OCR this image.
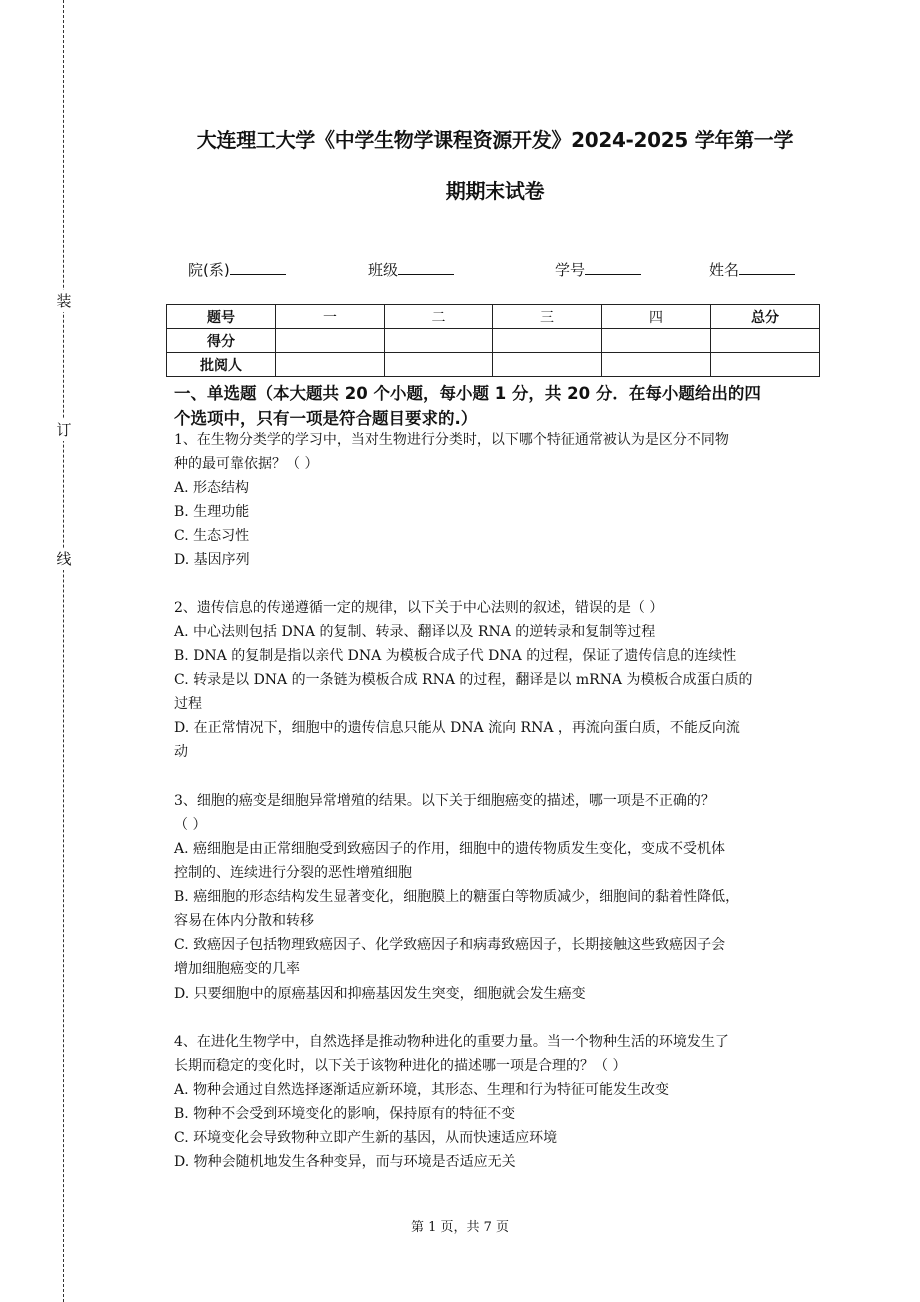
装
订
线
大连理工大学《中学生物学课程资源开发》2024-2025 学年第一学
期期末试卷
院(系)	班级	学号	姓名
题号	一	二	三	四	总分
得分					
批阅人					
一、单选题（本大题共 20 个小题，每小题 1 分，共 20 分．在每小题给出的四
个选项中，只有一项是符合题目要求的.）
1、在生物分类学的学习中，当对生物进行分类时，以下哪个特征通常被认为是区分不同物
种的最可靠依据？（ ）
A. 形态结构
B. 生理功能
C. 生态习性
D. 基因序列
2、遗传信息的传递遵循一定的规律，以下关于中心法则的叙述，错误的是（ ）
A. 中心法则包括 DNA 的复制、转录、翻译以及 RNA 的逆转录和复制等过程
B. DNA 的复制是指以亲代 DNA 为模板合成子代 DNA 的过程，保证了遗传信息的连续性
C. 转录是以 DNA 的一条链为模板合成 RNA 的过程，翻译是以 mRNA 为模板合成蛋白质的
过程
D. 在正常情况下，细胞中的遗传信息只能从 DNA 流向 RNA ，再流向蛋白质，不能反向流
动
3、细胞的癌变是细胞异常增殖的结果。以下关于细胞癌变的描述，哪一项是不正确的？
（ ）
A. 癌细胞是由正常细胞受到致癌因子的作用，细胞中的遗传物质发生变化，变成不受机体
控制的、连续进行分裂的恶性增殖细胞
B. 癌细胞的形态结构发生显著变化，细胞膜上的糖蛋白等物质减少，细胞间的黏着性降低，
容易在体内分散和转移
C. 致癌因子包括物理致癌因子、化学致癌因子和病毒致癌因子，长期接触这些致癌因子会
增加细胞癌变的几率
D. 只要细胞中的原癌基因和抑癌基因发生突变，细胞就会发生癌变
4、在进化生物学中，自然选择是推动物种进化的重要力量。当一个物种生活的环境发生了
长期而稳定的变化时，以下关于该物种进化的描述哪一项是合理的？（ ）
A. 物种会通过自然选择逐渐适应新环境，其形态、生理和行为特征可能发生改变
B. 物种不会受到环境变化的影响，保持原有的特征不变
C. 环境变化会导致物种立即产生新的基因，从而快速适应环境
D. 物种会随机地发生各种变异，而与环境是否适应无关
第 1 页，共 7 页
